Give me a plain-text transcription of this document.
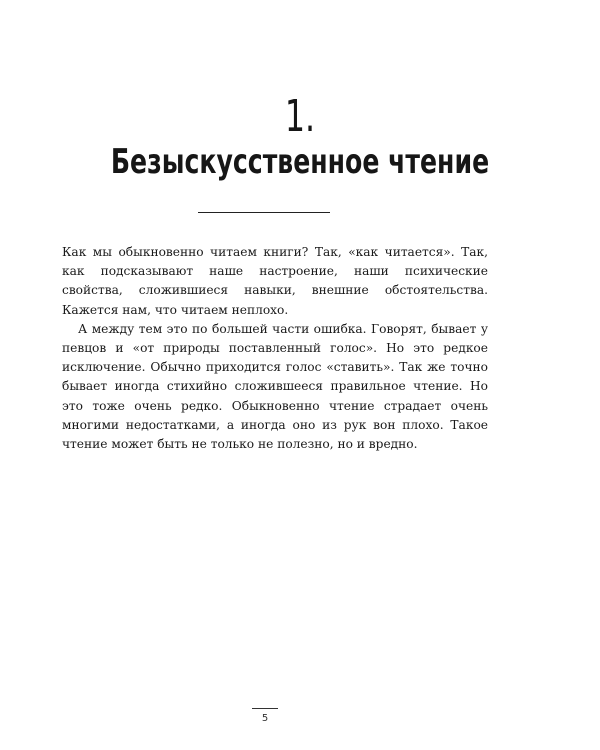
1.
Безыскусственное чтение

Как мы обыкновенно читаем книги? Так, «как читается». Так, как подсказывают наше настроение, наши психические свойства, сложившиеся навыки, внешние обстоятельства. Кажется нам, что читаем неплохо.

А между тем это по большей части ошибка. Говорят, бывает у певцов и «от природы поставленный голос». Но это редкое исключение. Обычно приходится голос «ставить». Так же точно бывает иногда стихийно сложившееся правильное чтение. Но это тоже очень редко. Обыкновенно чтение страдает очень многими недостатками, а иногда оно из рук вон плохо. Такое чтение может быть не только не полезно, но и вредно.

5
